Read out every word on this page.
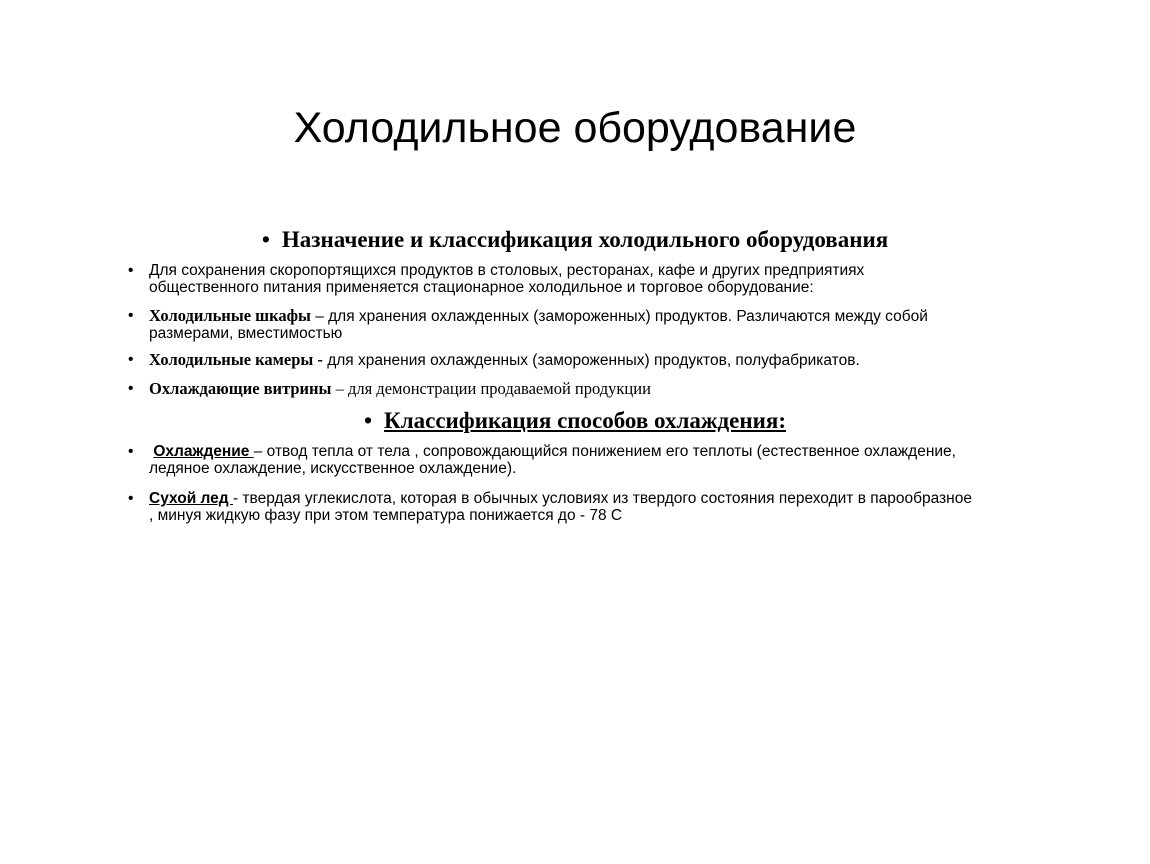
Холодильное оборудование
• Назначение и классификация холодильного оборудования
• Для сохранения скоропортящихся продуктов в столовых, ресторанах, кафе и других предприятиях
общественного питания применяется стационарное холодильное и торговое оборудование:
• Холодильные шкафы – для хранения охлажденных (замороженных) продуктов. Различаются между собой
размерами, вместимостью
• Холодильные камеры - для хранения охлажденных (замороженных) продуктов, полуфабрикатов.
• Охлаждающие витрины – для демонстрации продаваемой продукции
• Классификация способов охлаждения:
• Охлаждение – отвод тепла от тела , сопровождающийся понижением его теплоты (естественное охлаждение,
ледяное охлаждение, искусственное охлаждение).
• Сухой лед - твердая углекислота, которая в обычных условиях из твердого состояния переходит в парообразное
, минуя жидкую фазу при этом температура понижается до - 78 С
